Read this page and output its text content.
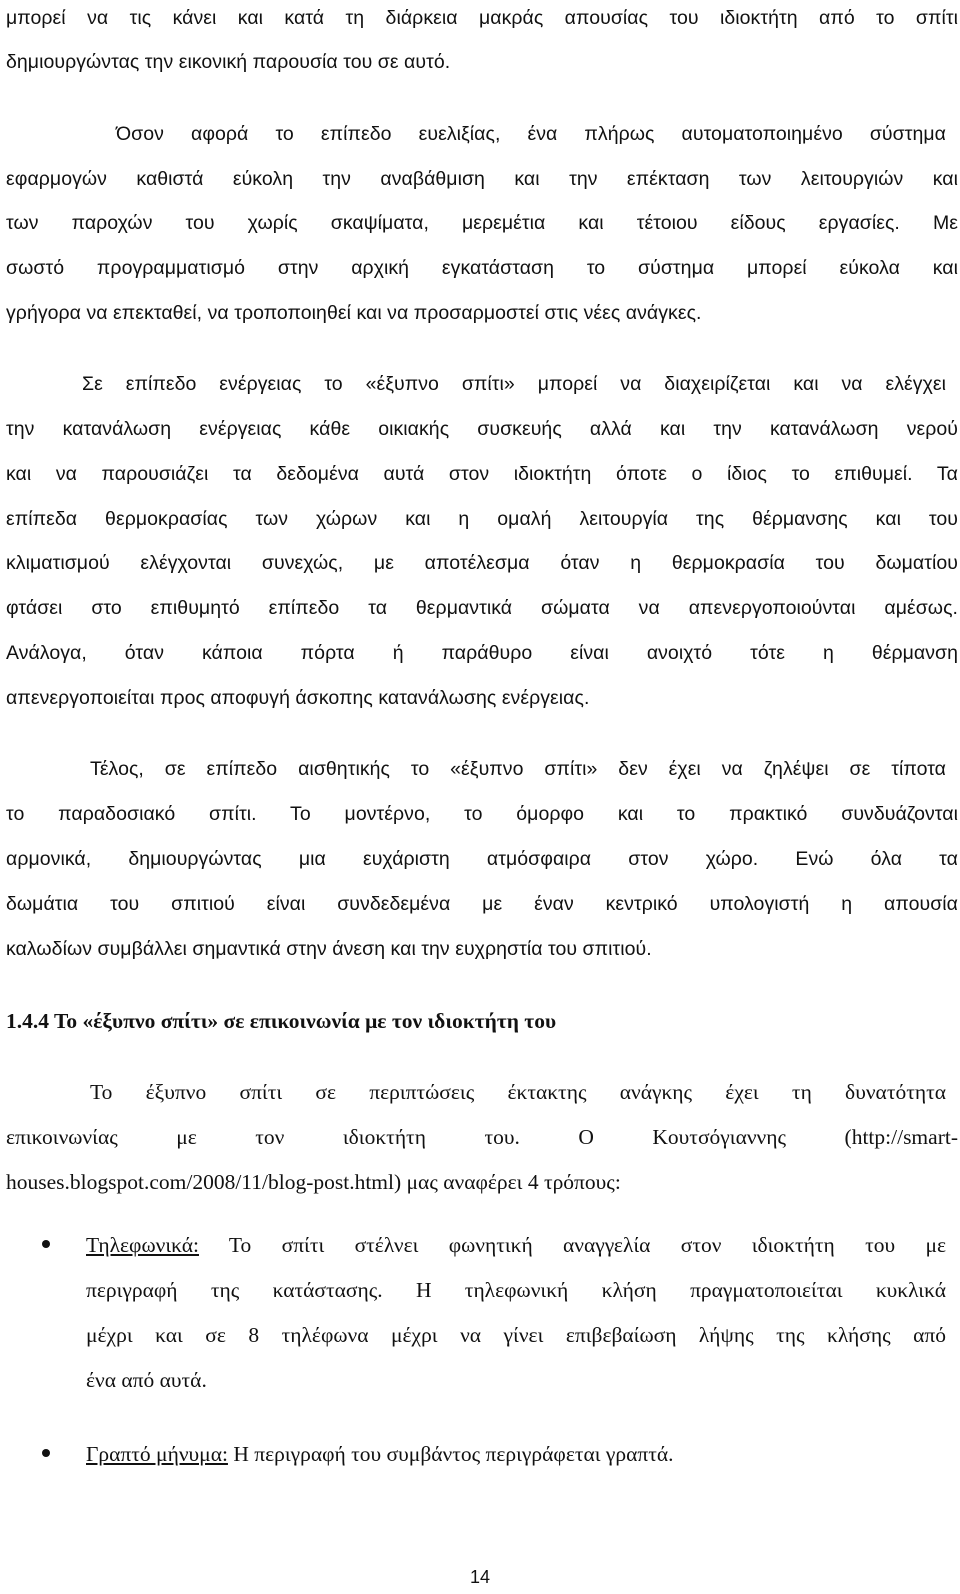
μπορεί να τις κάνει και κατά τη διάρκεια μακράς απουσίας του ιδιοκτήτη από το σπίτι
δημιουργώντας την εικονική παρουσία του σε αυτό.
Όσον αφορά το επίπεδο ευελιξίας, ένα πλήρως αυτοματοποιημένο σύστημα
εφαρμογών καθιστά εύκολη την αναβάθμιση και την επέκταση των λειτουργιών και
των παροχών του χωρίς σκαψίματα, μερεμέτια και τέτοιου είδους εργασίες. Με
σωστό προγραμματισμό στην αρχική εγκατάσταση το σύστημα μπορεί εύκολα και
γρήγορα να επεκταθεί, να τροποποιηθεί και να προσαρμοστεί στις νέες ανάγκες.
Σε επίπεδο ενέργειας το «έξυπνο σπίτι» μπορεί να διαχειρίζεται και να ελέγχει
την κατανάλωση ενέργειας κάθε οικιακής συσκευής αλλά και την κατανάλωση νερού
και να παρουσιάζει τα δεδομένα αυτά στον ιδιοκτήτη όποτε ο ίδιος το επιθυμεί. Τα
επίπεδα θερμοκρασίας των χώρων και η ομαλή λειτουργία της θέρμανσης και του
κλιματισμού ελέγχονται συνεχώς, με αποτέλεσμα όταν η θερμοκρασία του δωματίου
φτάσει στο επιθυμητό επίπεδο τα θερμαντικά σώματα να απενεργοποιούνται αμέσως.
Ανάλογα, όταν κάποια πόρτα ή παράθυρο είναι ανοιχτό τότε η θέρμανση
απενεργοποιείται προς αποφυγή άσκοπης κατανάλωσης ενέργειας.
Τέλος, σε επίπεδο αισθητικής το «έξυπνο σπίτι» δεν έχει να ζηλέψει σε τίποτα
το παραδοσιακό σπίτι. Το μοντέρνο, το όμορφο και το πρακτικό συνδυάζονται
αρμονικά, δημιουργώντας μια ευχάριστη ατμόσφαιρα στον χώρο. Ενώ όλα τα
δωμάτια του σπιτιού είναι συνδεδεμένα με έναν κεντρικό υπολογιστή η απουσία
καλωδίων συμβάλλει σημαντικά στην άνεση και την ευχρηστία του σπιτιού.
1.4.4 Το «έξυπνο σπίτι» σε επικοινωνία με τον ιδιοκτήτη του
Το έξυπνο σπίτι σε περιπτώσεις έκτακτης ανάγκης έχει τη δυνατότητα
επικοινωνίας με τον ιδιοκτήτη του. Ο Κουτσόγιαννης (http://smart-
houses.blogspot.com/2008/11/blog-post.html) μας αναφέρει 4 τρόπους:
Τηλεφωνικά: Το σπίτι στέλνει φωνητική αναγγελία στον ιδιοκτήτη του με
περιγραφή της κατάστασης. Η τηλεφωνική κλήση πραγματοποιείται κυκλικά
μέχρι και σε 8 τηλέφωνα μέχρι να γίνει επιβεβαίωση λήψης της κλήσης από
ένα από αυτά.
Γραπτό μήνυμα: Η περιγραφή του συμβάντος περιγράφεται γραπτά.
14
